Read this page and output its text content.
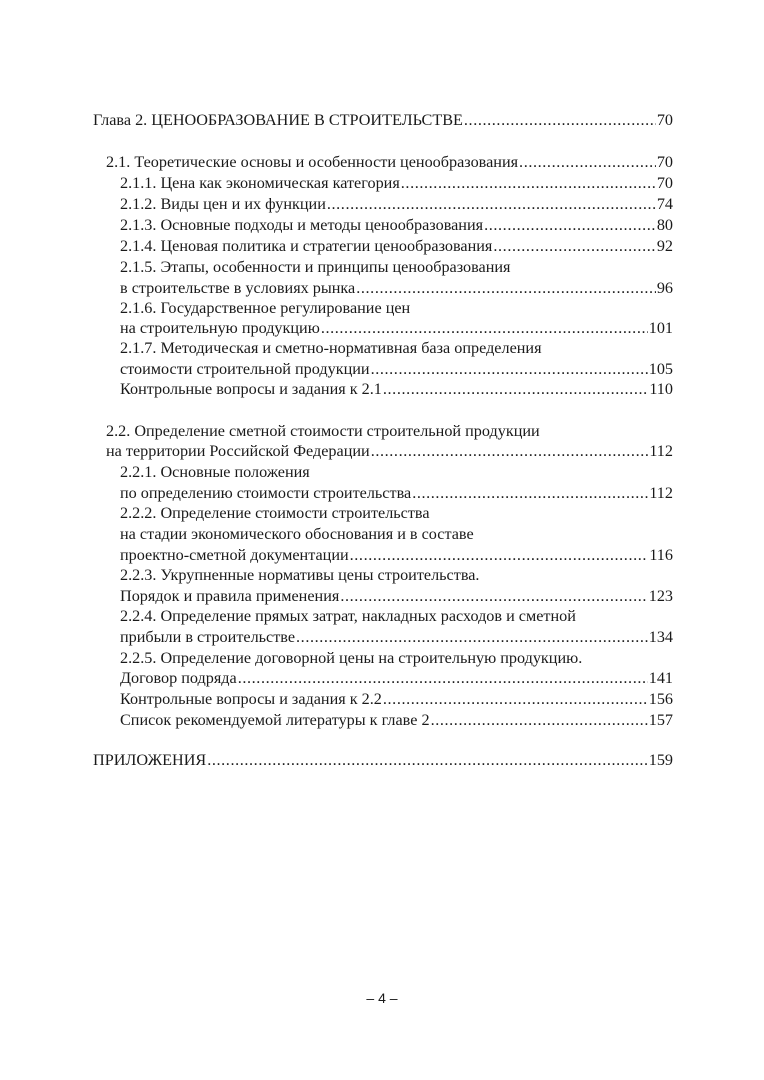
Глава 2. ЦЕНООБРАЗОВАНИЕ В СТРОИТЕЛЬСТВЕ .....	70
2.1. Теоретические основы и особенности ценообразования .....	70
2.1.1. Цена как экономическая категория .....	70
2.1.2. Виды цен и их функции .....	74
2.1.3. Основные подходы и методы ценообразования .....	80
2.1.4. Ценовая политика и стратегии ценообразования .....	92
2.1.5. Этапы, особенности и принципы ценообразования
в строительстве в условиях рынка .....	96
2.1.6. Государственное регулирование цен
на строительную продукцию .....	101
2.1.7. Методическая и сметно-нормативная база определения
стоимости строительной продукции .....	105
Контрольные вопросы и задания к 2.1 .....	110
2.2. Определение сметной стоимости строительной продукции
на территории Российской Федерации .....	112
2.2.1. Основные положения
по определению стоимости строительства .....	112
2.2.2. Определение стоимости строительства
на стадии экономического обоснования и в составе
проектно-сметной документации .....	116
2.2.3. Укрупненные нормативы цены строительства.
Порядок и правила применения .....	123
2.2.4. Определение прямых затрат, накладных расходов и сметной
прибыли в строительстве .....	134
2.2.5. Определение договорной цены на строительную продукцию.
Договор подряда .....	141
Контрольные вопросы и задания к 2.2 .....	156
Список рекомендуемой литературы к главе 2 .....	157
ПРИЛОЖЕНИЯ .....	159
– 4 –
